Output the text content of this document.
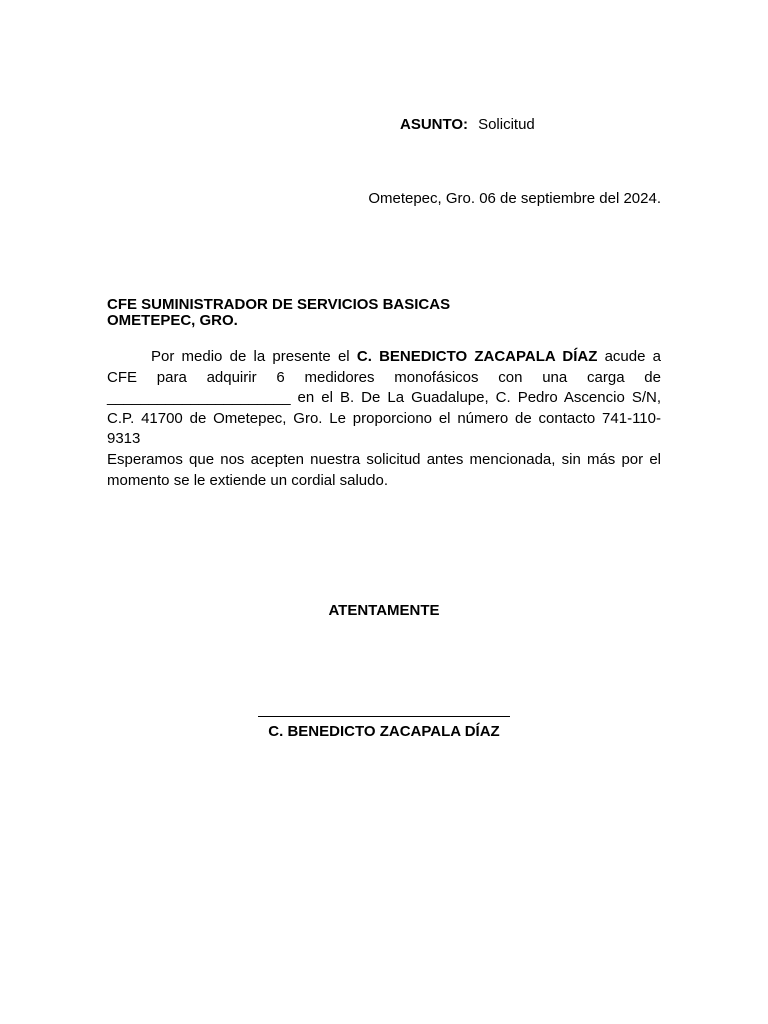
ASUNTO: Solicitud
Ometepec, Gro. 06 de septiembre del 2024.
CFE SUMINISTRADOR DE SERVICIOS BASICAS
OMETEPEC, GRO.

Por medio de la presente el C. BENEDICTO ZACAPALA DÍAZ acude a CFE para adquirir 6 medidores monofásicos con una carga de ______________________ en el B. De La Guadalupe, C. Pedro Ascencio S/N, C.P. 41700 de Ometepec, Gro. Le proporciono el número de contacto 741-110-9313

Esperamos que nos acepten nuestra solicitud antes mencionada, sin más por el momento se le extiende un cordial saludo.

ATENTAMENTE
C. BENEDICTO ZACAPALA DÍAZ
